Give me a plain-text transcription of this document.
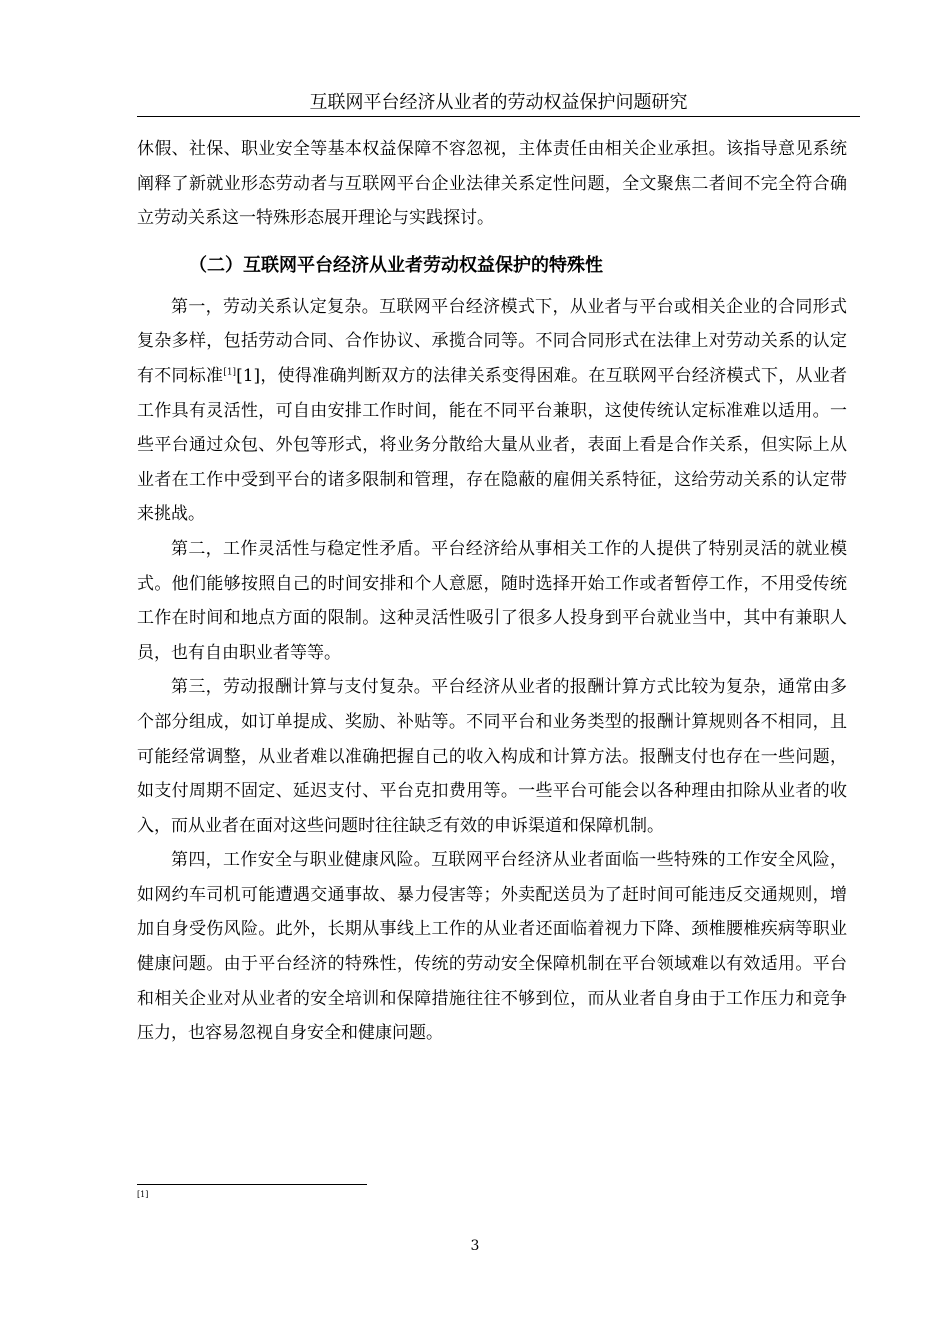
互联网平台经济从业者的劳动权益保护问题研究

休假、社保、职业安全等基本权益保障不容忽视，主体责任由相关企业承担。该指导意见系统阐释了新就业形态劳动者与互联网平台企业法律关系定性问题，全文聚焦二者间不完全符合确立劳动关系这一特殊形态展开理论与实践探讨。

（二）互联网平台经济从业者劳动权益保护的特殊性

第一，劳动关系认定复杂。互联网平台经济模式下，从业者与平台或相关企业的合同形式复杂多样，包括劳动合同、合作协议、承揽合同等。不同合同形式在法律上对劳动关系的认定有不同标准[1][1]，使得准确判断双方的法律关系变得困难。在互联网平台经济模式下，从业者工作具有灵活性，可自由安排工作时间，能在不同平台兼职，这使传统认定标准难以适用。一些平台通过众包、外包等形式，将业务分散给大量从业者，表面上看是合作关系，但实际上从业者在工作中受到平台的诸多限制和管理，存在隐蔽的雇佣关系特征，这给劳动关系的认定带来挑战。

第二，工作灵活性与稳定性矛盾。平台经济给从事相关工作的人提供了特别灵活的就业模式。他们能够按照自己的时间安排和个人意愿，随时选择开始工作或者暂停工作，不用受传统工作在时间和地点方面的限制。这种灵活性吸引了很多人投身到平台就业当中，其中有兼职人员，也有自由职业者等等。

第三，劳动报酬计算与支付复杂。平台经济从业者的报酬计算方式比较为复杂，通常由多个部分组成，如订单提成、奖励、补贴等。不同平台和业务类型的报酬计算规则各不相同，且可能经常调整，从业者难以准确把握自己的收入构成和计算方法。报酬支付也存在一些问题，如支付周期不固定、延迟支付、平台克扣费用等。一些平台可能会以各种理由扣除从业者的收入，而从业者在面对这些问题时往往缺乏有效的申诉渠道和保障机制。

第四，工作安全与职业健康风险。互联网平台经济从业者面临一些特殊的工作安全风险，如网约车司机可能遭遇交通事故、暴力侵害等；外卖配送员为了赶时间可能违反交通规则，增加自身受伤风险。此外，长期从事线上工作的从业者还面临着视力下降、颈椎腰椎疾病等职业健康问题。由于平台经济的特殊性，传统的劳动安全保障机制在平台领域难以有效适用。平台和相关企业对从业者的安全培训和保障措施往往不够到位，而从业者自身由于工作压力和竞争压力，也容易忽视自身安全和健康问题。

[1]
3
